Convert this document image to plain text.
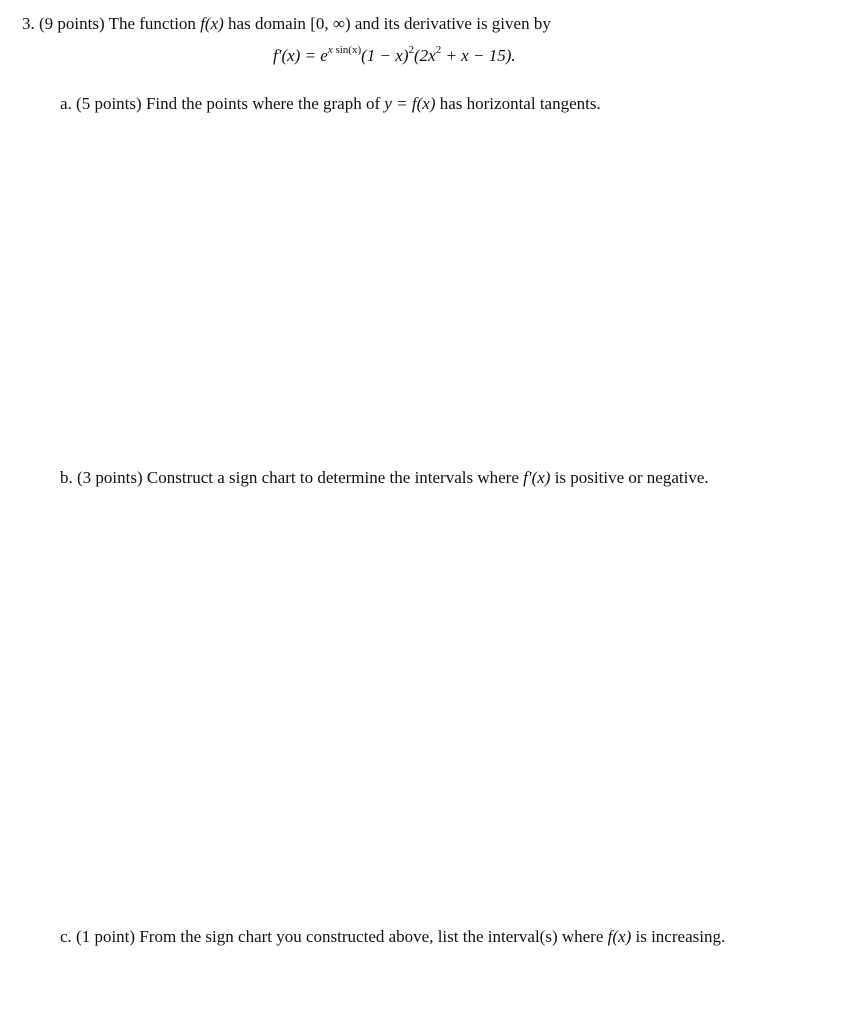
3. (9 points) The function f(x) has domain [0, ∞) and its derivative is given by
$f'(x) = e^{x sin(x)}(1 - x)^2(2x^2 + x - 15)$.
a. (5 points) Find the points where the graph of y = f(x) has horizontal tangents.
b. (3 points) Construct a sign chart to determine the intervals where f′(x) is positive or negative.
c. (1 point) From the sign chart you constructed above, list the interval(s) where f(x) is increasing.
